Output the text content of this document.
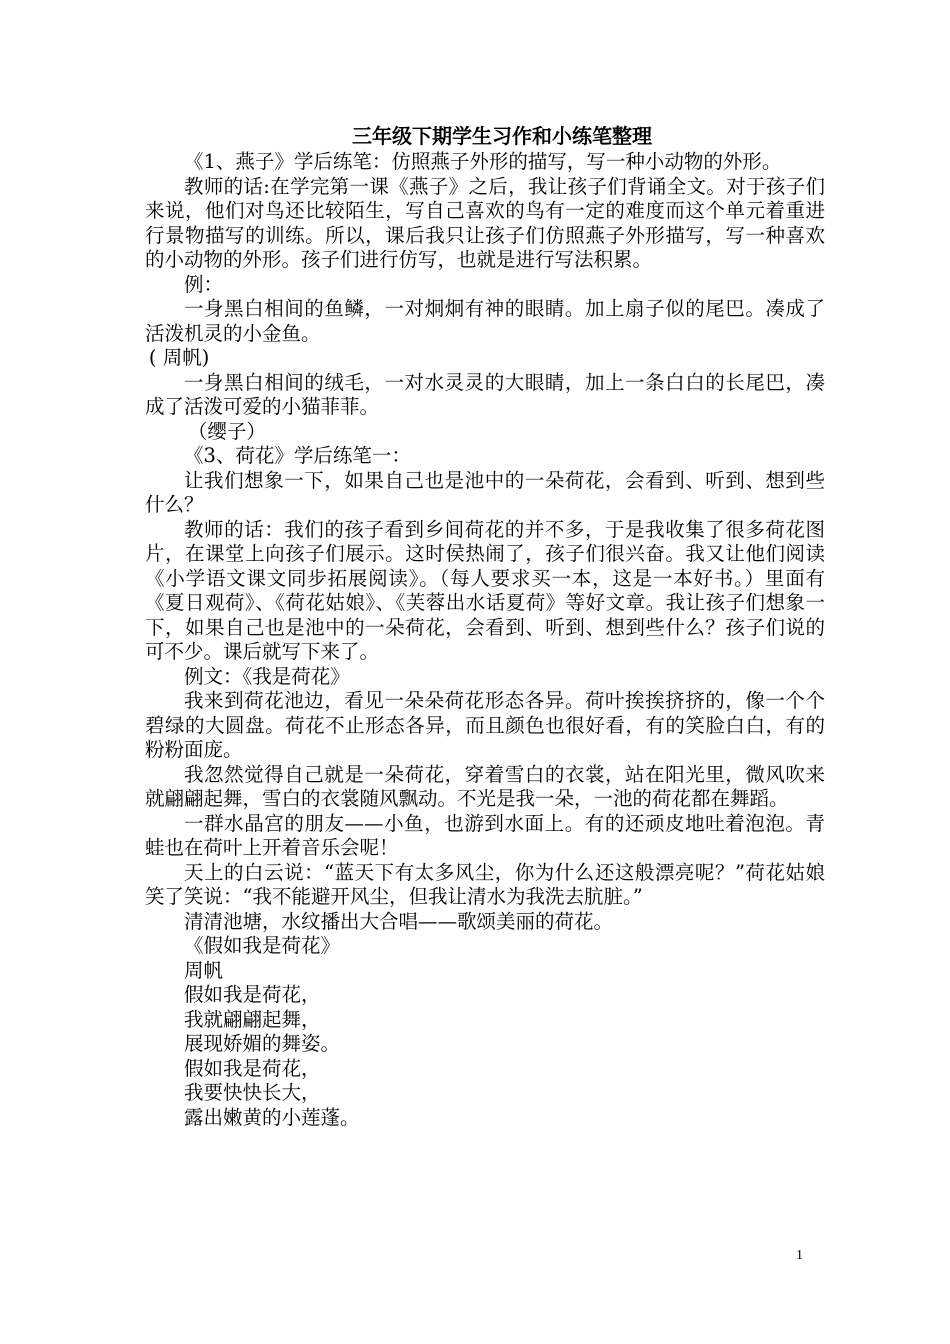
三年级下期学生习作和小练笔整理

《1、燕子》学后练笔：仿照燕子外形的描写，写一种小动物的外形。

教师的话:在学完第一课《燕子》之后，我让孩子们背诵全文。对于孩子们来说，他们对鸟还比较陌生，写自己喜欢的鸟有一定的难度而这个单元着重进行景物描写的训练。所以，课后我只让孩子们仿照燕子外形描写，写一种喜欢的小动物的外形。孩子们进行仿写，也就是进行写法积累。

例：

一身黑白相间的鱼鳞，一对炯炯有神的眼睛。加上扇子似的尾巴。凑成了活泼机灵的小金鱼。

( 周帆)

一身黑白相间的绒毛，一对水灵灵的大眼睛，加上一条白白的长尾巴，凑成了活泼可爱的小猫菲菲。

（缨子）

《3、荷花》学后练笔一：

让我们想象一下，如果自己也是池中的一朵荷花，会看到、听到、想到些什么？

教师的话：我们的孩子看到乡间荷花的并不多，于是我收集了很多荷花图片，在课堂上向孩子们展示。这时侯热闹了，孩子们很兴奋。我又让他们阅读《小学语文课文同步拓展阅读》。（每人要求买一本，这是一本好书。）里面有《夏日观荷》、《荷花姑娘》、《芙蓉出水话夏荷》等好文章。我让孩子们想象一下，如果自己也是池中的一朵荷花，会看到、听到、想到些什么？孩子们说的可不少。课后就写下来了。

例文：《我是荷花》

我来到荷花池边，看见一朵朵荷花形态各异。荷叶挨挨挤挤的，像一个个碧绿的大圆盘。荷花不止形态各异，而且颜色也很好看，有的笑脸白白，有的粉粉面庞。

我忽然觉得自己就是一朵荷花，穿着雪白的衣裳，站在阳光里，微风吹来就翩翩起舞，雪白的衣裳随风飘动。不光是我一朵，一池的荷花都在舞蹈。

一群水晶宫的朋友——小鱼，也游到水面上。有的还顽皮地吐着泡泡。青蛙也在荷叶上开着音乐会呢！

天上的白云说：“蓝天下有太多风尘，你为什么还这般漂亮呢？”荷花姑娘笑了笑说：“我不能避开风尘，但我让清水为我洗去肮脏。”

清清池塘，水纹播出大合唱——歌颂美丽的荷花。

《假如我是荷花》

周帆

假如我是荷花，

我就翩翩起舞，

展现娇媚的舞姿。

假如我是荷花，

我要快快长大，

露出嫩黄的小莲蓬。

1
